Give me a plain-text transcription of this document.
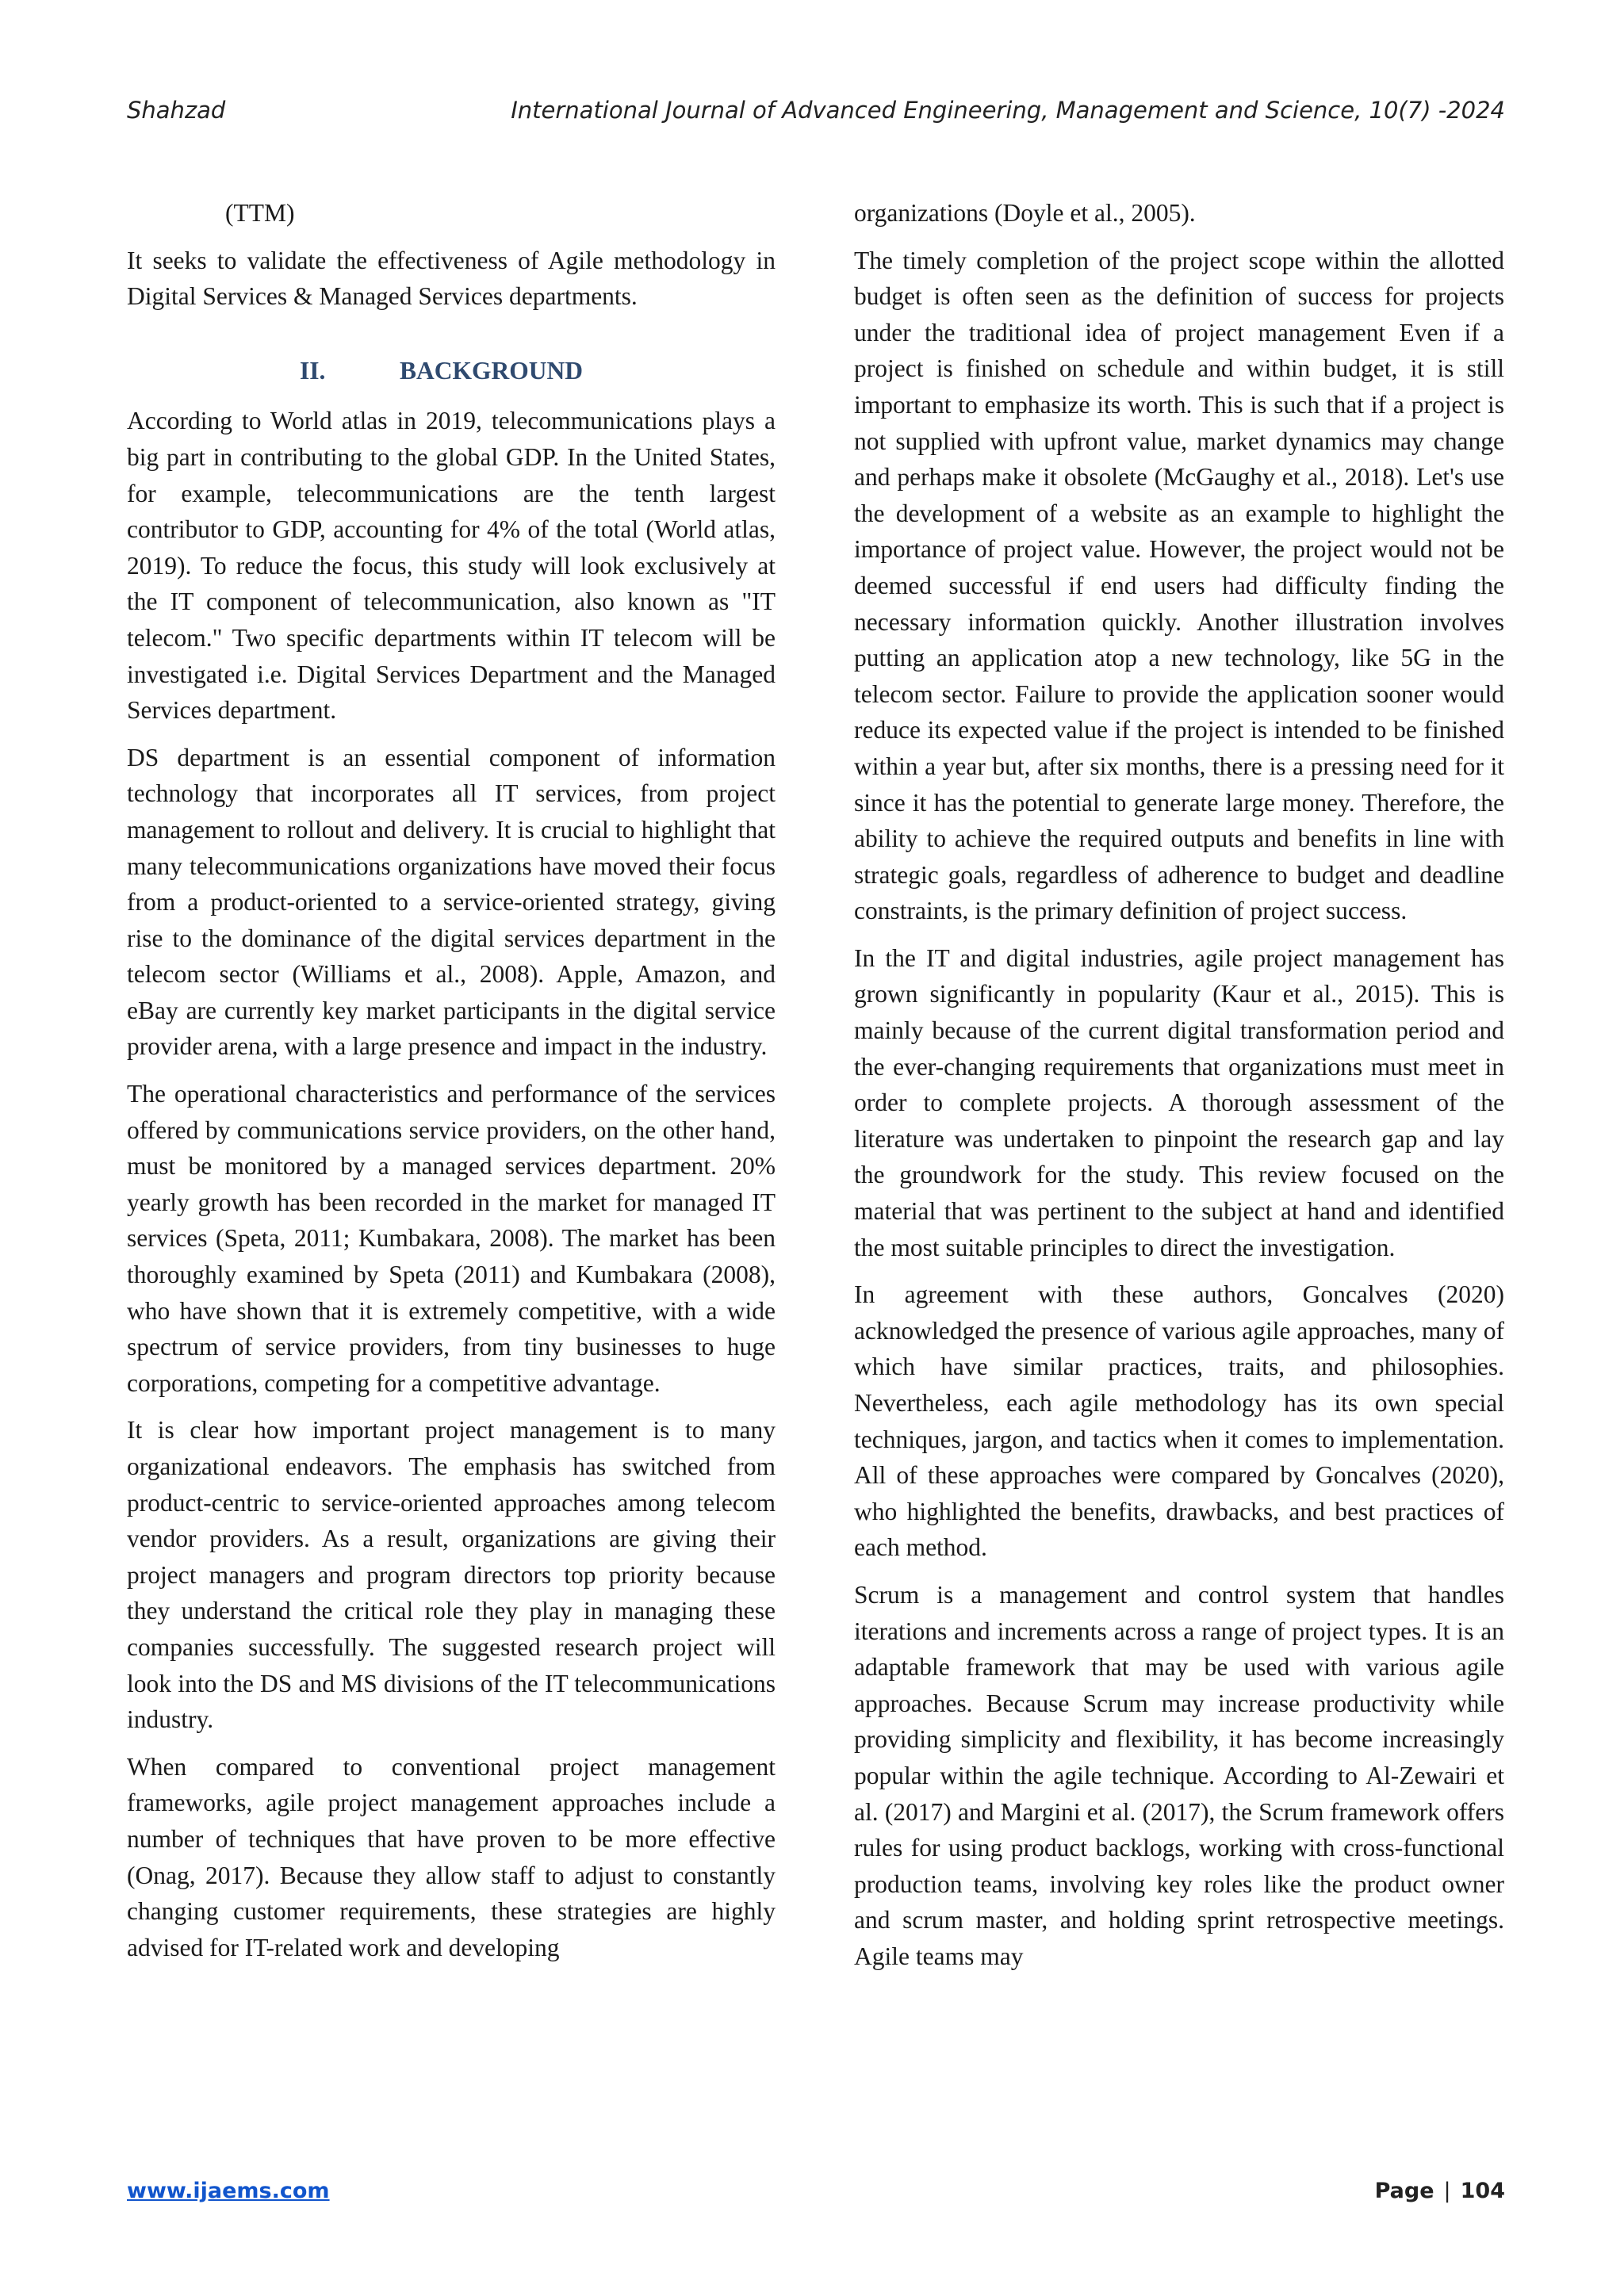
Shahzad	International Journal of Advanced Engineering, Management and Science, 10(7) -2024

(TTM)

It seeks to validate the effectiveness of Agile methodology in Digital Services & Managed Services departments.

II.	BACKGROUND

According to World atlas in 2019, telecommunications plays a big part in contributing to the global GDP. In the United States, for example, telecommunications are the tenth largest contributor to GDP, accounting for 4% of the total (World atlas, 2019). To reduce the focus, this study will look exclusively at the IT component of telecommunication, also known as "IT telecom." Two specific departments within IT telecom will be investigated i.e. Digital Services Department and the Managed Services department.

DS department is an essential component of information technology that incorporates all IT services, from project management to rollout and delivery. It is crucial to highlight that many telecommunications organizations have moved their focus from a product-oriented to a service-oriented strategy, giving rise to the dominance of the digital services department in the telecom sector (Williams et al., 2008). Apple, Amazon, and eBay are currently key market participants in the digital service provider arena, with a large presence and impact in the industry.

The operational characteristics and performance of the services offered by communications service providers, on the other hand, must be monitored by a managed services department. 20% yearly growth has been recorded in the market for managed IT services (Speta, 2011; Kumbakara, 2008). The market has been thoroughly examined by Speta (2011) and Kumbakara (2008), who have shown that it is extremely competitive, with a wide spectrum of service providers, from tiny businesses to huge corporations, competing for a competitive advantage.

It is clear how important project management is to many organizational endeavors. The emphasis has switched from product-centric to service-oriented approaches among telecom vendor providers. As a result, organizations are giving their project managers and program directors top priority because they understand the critical role they play in managing these companies successfully. The suggested research project will look into the DS and MS divisions of the IT telecommunications industry.

When compared to conventional project management frameworks, agile project management approaches include a number of techniques that have proven to be more effective (Onag, 2017). Because they allow staff to adjust to constantly changing customer requirements, these strategies are highly advised for IT-related work and developing

organizations (Doyle et al., 2005).

The timely completion of the project scope within the allotted budget is often seen as the definition of success for projects under the traditional idea of project management Even if a project is finished on schedule and within budget, it is still important to emphasize its worth. This is such that if a project is not supplied with upfront value, market dynamics may change and perhaps make it obsolete (McGaughy et al., 2018). Let's use the development of a website as an example to highlight the importance of project value. However, the project would not be deemed successful if end users had difficulty finding the necessary information quickly. Another illustration involves putting an application atop a new technology, like 5G in the telecom sector. Failure to provide the application sooner would reduce its expected value if the project is intended to be finished within a year but, after six months, there is a pressing need for it since it has the potential to generate large money. Therefore, the ability to achieve the required outputs and benefits in line with strategic goals, regardless of adherence to budget and deadline constraints, is the primary definition of project success.

In the IT and digital industries, agile project management has grown significantly in popularity (Kaur et al., 2015). This is mainly because of the current digital transformation period and the ever-changing requirements that organizations must meet in order to complete projects. A thorough assessment of the literature was undertaken to pinpoint the research gap and lay the groundwork for the study. This review focused on the material that was pertinent to the subject at hand and identified the most suitable principles to direct the investigation.

In agreement with these authors, Goncalves (2020) acknowledged the presence of various agile approaches, many of which have similar practices, traits, and philosophies. Nevertheless, each agile methodology has its own special techniques, jargon, and tactics when it comes to implementation. All of these approaches were compared by Goncalves (2020), who highlighted the benefits, drawbacks, and best practices of each method.

Scrum is a management and control system that handles iterations and increments across a range of project types. It is an adaptable framework that may be used with various agile approaches. Because Scrum may increase productivity while providing simplicity and flexibility, it has become increasingly popular within the agile technique. According to Al-Zewairi et al. (2017) and Margini et al. (2017), the Scrum framework offers rules for using product backlogs, working with cross-functional production teams, involving key roles like the product owner and scrum master, and holding sprint retrospective meetings. Agile teams may

www.ijaems.com	Page | 104
